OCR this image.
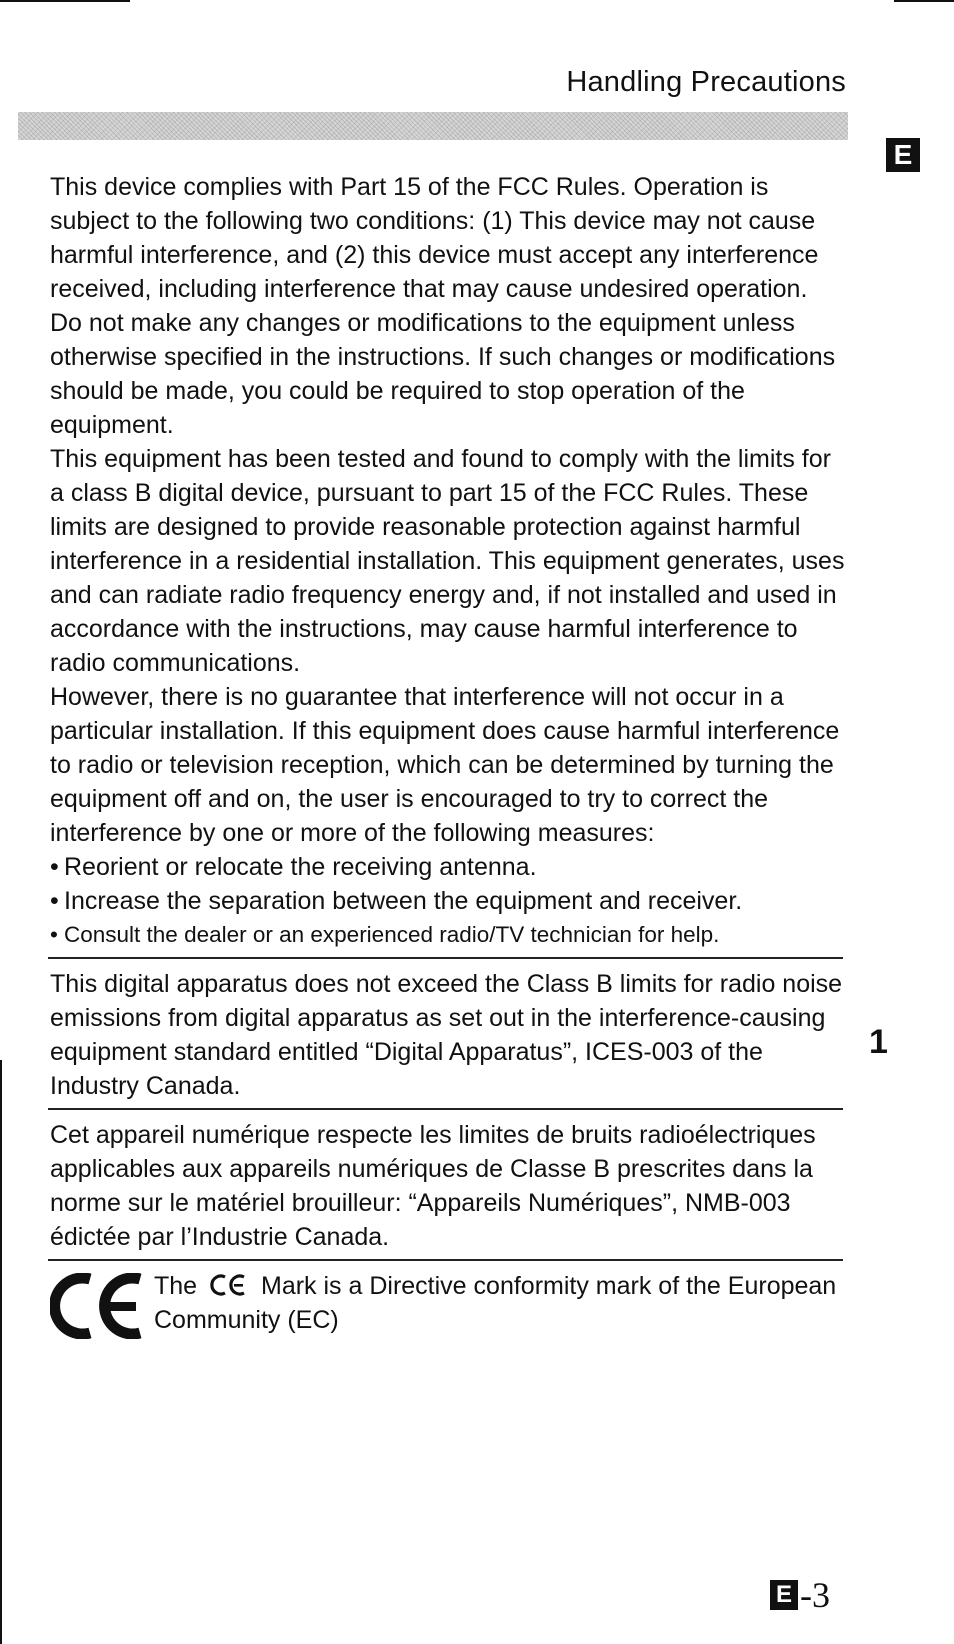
Handling Precautions
E
1

This device complies with Part 15 of the FCC Rules. Operation is subject to the following two conditions: (1) This device may not cause harmful interference, and (2) this device must accept any interference received, including interference that may cause undesired operation.

Do not make any changes or modifications to the equipment unless otherwise specified in the instructions. If such changes or modifications should be made, you could be required to stop operation of the equipment.

This equipment has been tested and found to comply with the limits for a class B digital device, pursuant to part 15 of the FCC Rules. These limits are designed to provide reasonable protection against harmful interference in a residential installation. This equipment generates, uses and can radiate radio frequency energy and, if not installed and used in accordance with the instructions, may cause harmful interference to radio communications.

However, there is no guarantee that interference will not occur in a particular installation. If this equipment does cause harmful interference to radio or television reception, which can be determined by turning the equipment off and on, the user is encouraged to try to correct the interference by one or more of the following measures:

• Reorient or relocate the receiving antenna.
• Increase the separation between the equipment and receiver.
• Consult the dealer or an experienced radio/TV technician for help.

This digital apparatus does not exceed the Class B limits for radio noise emissions from digital apparatus as set out in the interference-causing equipment standard entitled “Digital Apparatus”, ICES-003 of the Industry Canada.

Cet appareil numérique respecte les limites de bruits radioélectriques applicables aux appareils numériques de Classe B prescrites dans la norme sur le matériel brouilleur: “Appareils Numériques”, NMB-003 édictée par l’Industrie Canada.

The	Mark is a Directive conformity mark of the European Community (EC)

E -3
